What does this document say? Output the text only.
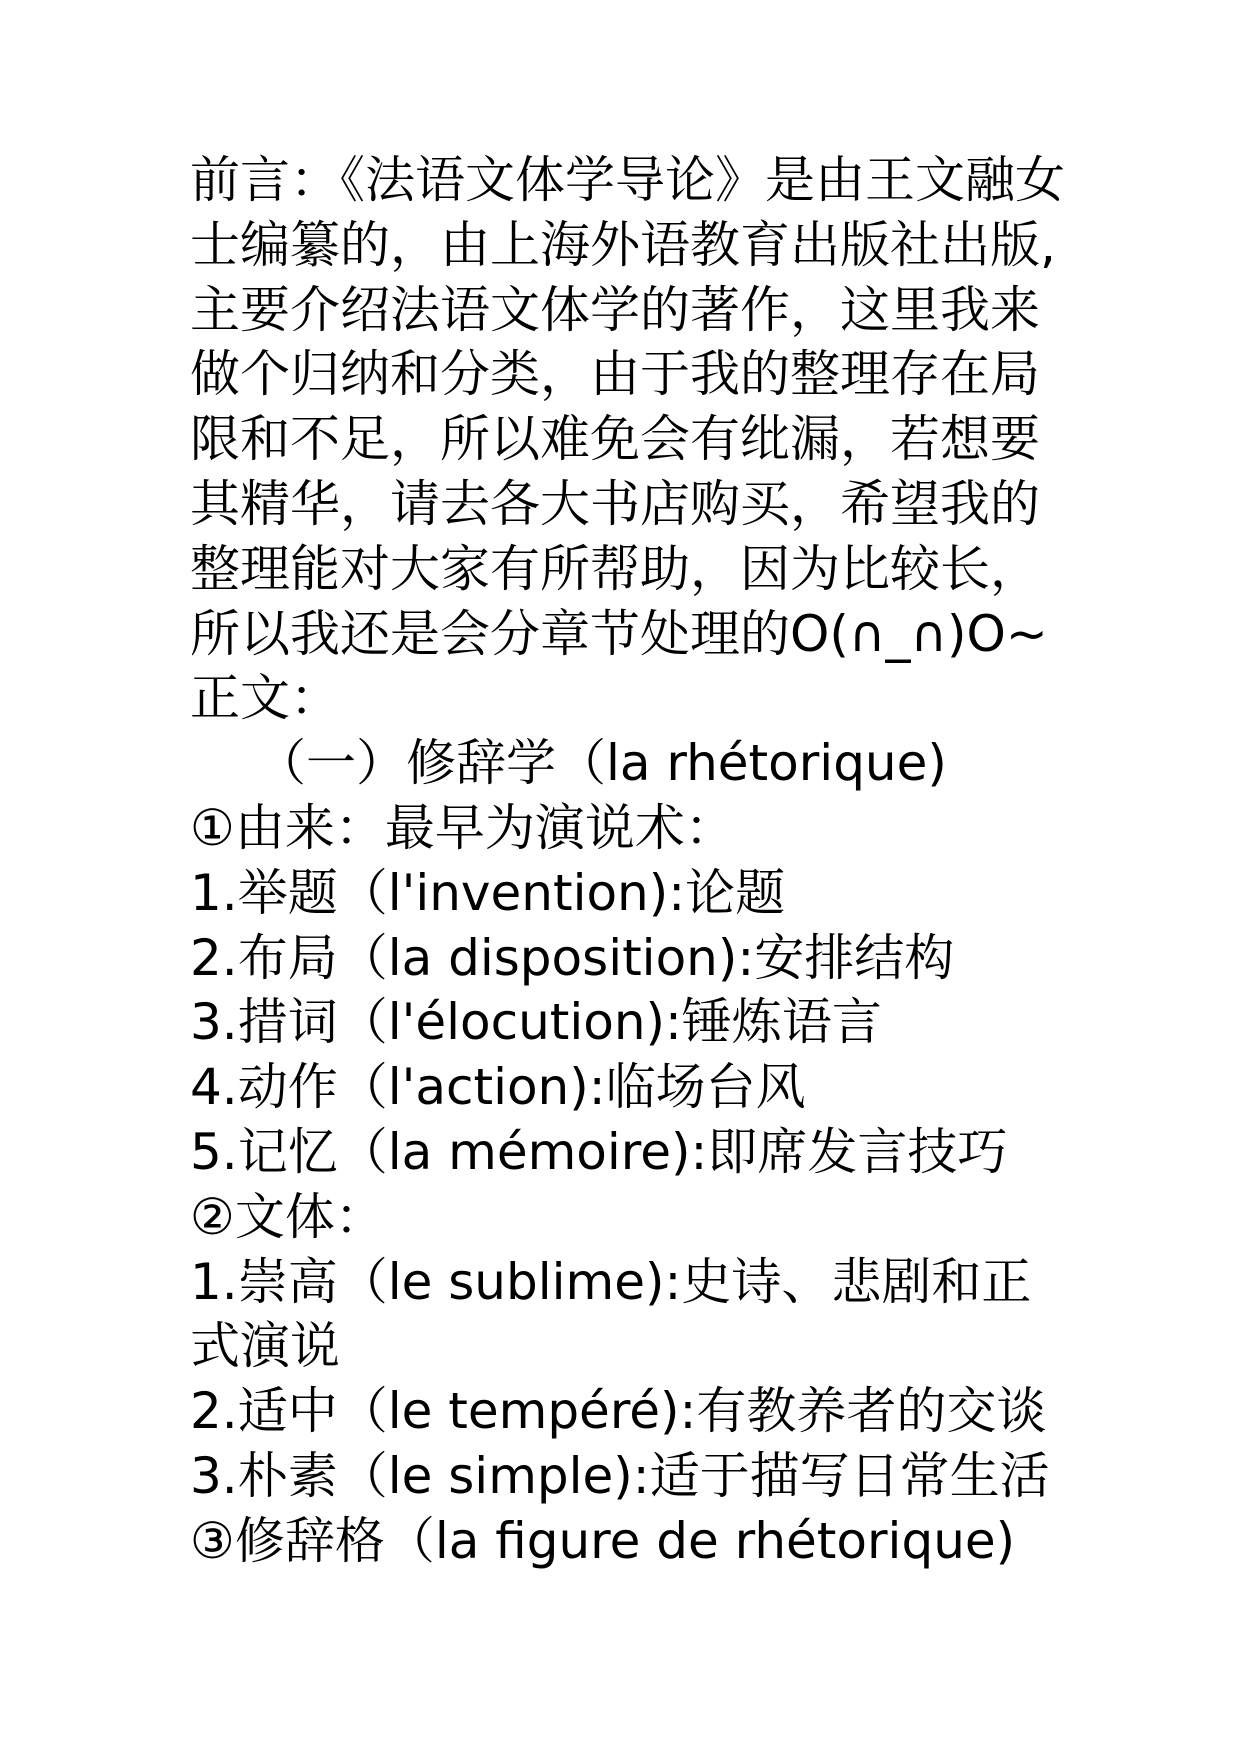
前言：《法语文体学导论》是由王文融女
士编纂的，由上海外语教育出版社出版,
主要介绍法语文体学的著作，这里我来
做个归纳和分类，由于我的整理存在局
限和不足，所以难免会有纰漏，若想要
其精华，请去各大书店购买，希望我的
整理能对大家有所帮助，因为比较长，
所以我还是会分章节处理的O(∩_∩)O~
正文：
（一）修辞学（la rhétorique)
①由来：最早为演说术：
1.举题（l'invention):论题
2.布局（la disposition):安排结构
3.措词（l'élocution):锤炼语言
4.动作（l'action):临场台风
5.记忆（la mémoire):即席发言技巧
②文体：
1.崇高（le sublime):史诗、悲剧和正
式演说
2.适中（le tempéré):有教养者的交谈
3.朴素（le simple):适于描写日常生活
③修辞格（la figure de rhétorique)
